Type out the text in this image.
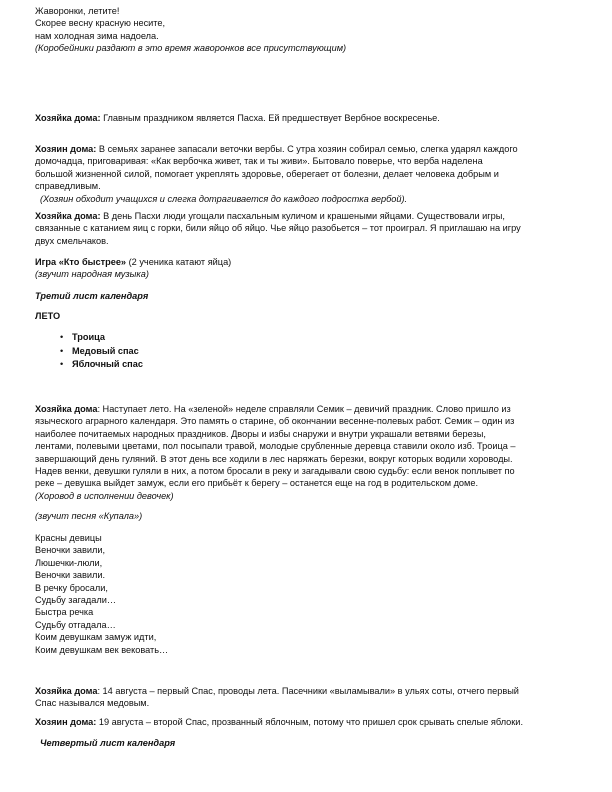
Жаворонки, летите!
Скорее весну красную несите,
нам холодная зима надоела.
(Коробейники раздают в это время жаворонков все присутствующим)
Хозяйка дома: Главным праздником является Пасха. Ей предшествует Вербное воскресенье.
Хозяин дома: В семьях заранее запасали веточки вербы. С утра хозяин собирал семью, слегка ударял каждого
домочадца, приговаривая: «Как вербочка живет, так и ты живи». Бытовало поверье, что верба наделена
большой жизненной силой, помогает укреплять здоровье, оберегает от болезни, делает человека добрым и
справедливым.
(Хозяин обходит учащихся и слегка дотрагивается до каждого подростка вербой).
Хозяйка дома: В день Пасхи люди угощали пасхальным куличом и крашеными яйцами. Существовали игры,
связанные с катанием яиц с горки, били яйцо об яйцо. Чье яйцо разобьется – тот проиграл. Я приглашаю на игру
двух смельчаков.
Игра «Кто быстрее» (2 ученика катают яйца)
(звучит народная музыка)
Третий лист календаря
ЛЕТО
• Троица
• Медовый спас
• Яблочный спас
Хозяйка дома: Наступает лето. На «зеленой» неделе справляли Семик – девичий праздник. Слово пришло из
языческого аграрного календаря. Это память о старине, об окончании весенне-полевых работ. Семик – один из
наиболее почитаемых народных праздников. Дворы и избы снаружи и внутри украшали ветвями березы,
лентами, полевыми цветами, пол посыпали травой, молодые срубленные деревца ставили около изб. Троица –
завершающий день гуляний. В этот день все ходили в лес наряжать березки, вокруг которых водили хороводы.
Надев венки, девушки гуляли в них, а потом бросали в реку и загадывали свою судьбу: если венок поплывет по
реке – девушка выйдет замуж, если его прибьёт к берегу – останется еще на год в родительском доме.
(Хоровод в исполнении девочек)
(звучит песня «Купала»)
Красны девицы
Веночки завили,
Люшечки-люли,
Веночки завили.
В речку бросали,
Судьбу загадали…
Быстра речка
Судьбу отгадала…
Коим девушкам замуж идти,
Коим девушкам век вековать…
Хозяйка дома: 14 августа – первый Спас, проводы лета. Пасечники «выламывали» в ульях соты, отчего первый
Спас назывался медовым.
Хозяин дома: 19 августа – второй Спас, прозванный яблочным, потому что пришел срок срывать спелые яблоки.
Четвертый лист календаря
